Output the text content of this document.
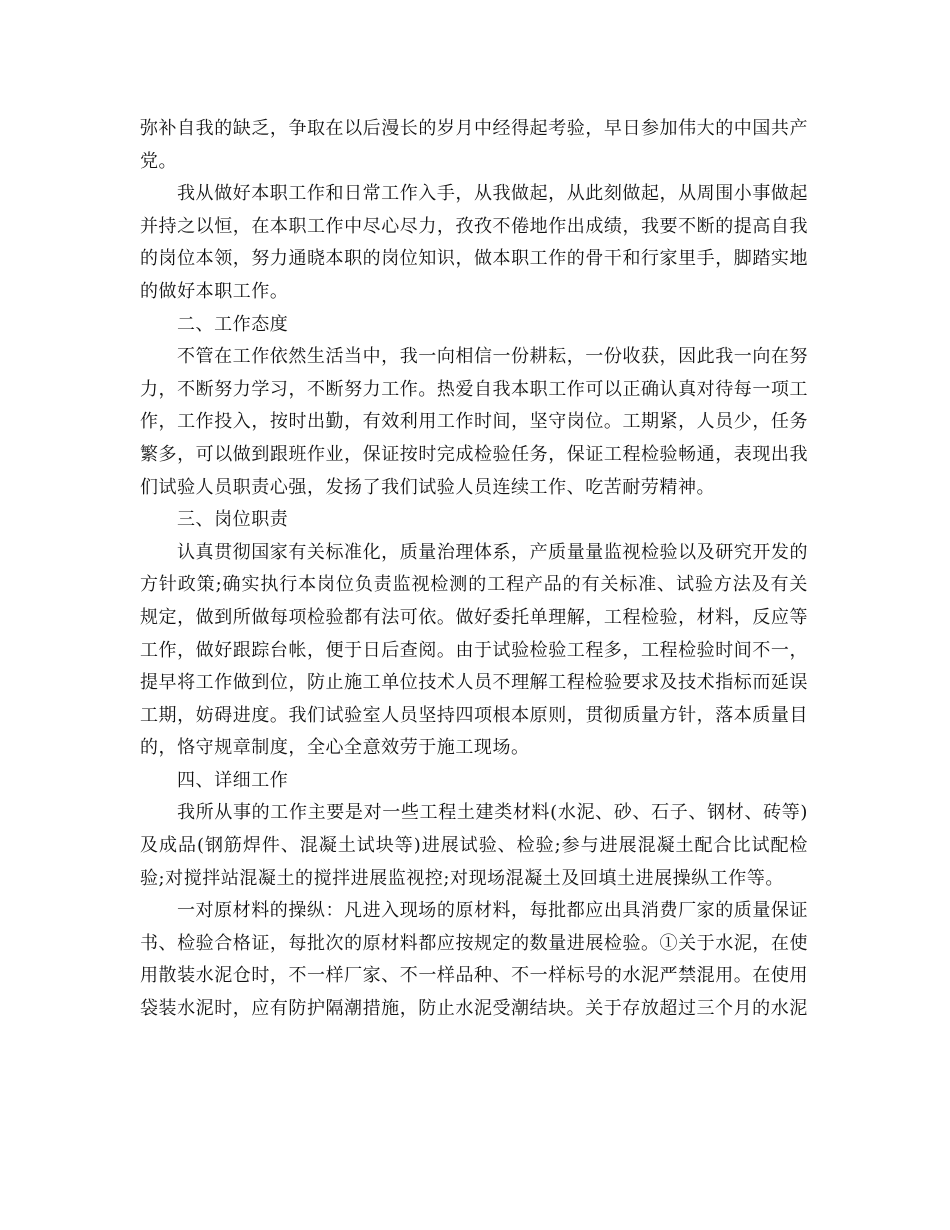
弥补自我的缺乏，争取在以后漫长的岁月中经得起考验，早日参加伟大的中国共产党。

我从做好本职工作和日常工作入手，从我做起，从此刻做起，从周围小事做起并持之以恒，在本职工作中尽心尽力，孜孜不倦地作出成绩，我要不断的提高自我的岗位本领，努力通晓本职的岗位知识，做本职工作的骨干和行家里手，脚踏实地的做好本职工作。

二、工作态度

不管在工作依然生活当中，我一向相信一份耕耘，一份收获，因此我一向在努力，不断努力学习，不断努力工作。热爱自我本职工作可以正确认真对待每一项工作，工作投入，按时出勤，有效利用工作时间，坚守岗位。工期紧，人员少，任务繁多，可以做到跟班作业，保证按时完成检验任务，保证工程检验畅通，表现出我们试验人员职责心强，发扬了我们试验人员连续工作、吃苦耐劳精神。

三、岗位职责

认真贯彻国家有关标准化，质量治理体系，产质量量监视检验以及研究开发的方针政策;确实执行本岗位负责监视检测的工程产品的有关标准、试验方法及有关规定，做到所做每项检验都有法可依。做好委托单理解，工程检验，材料，反应等工作，做好跟踪台帐，便于日后查阅。由于试验检验工程多，工程检验时间不一，提早将工作做到位，防止施工单位技术人员不理解工程检验要求及技术指标而延误工期，妨碍进度。我们试验室人员坚持四项根本原则，贯彻质量方针，落本质量目的，恪守规章制度，全心全意效劳于施工现场。

四、详细工作

我所从事的工作主要是对一些工程土建类材料(水泥、砂、石子、钢材、砖等)及成品(钢筋焊件、混凝土试块等)进展试验、检验;参与进展混凝土配合比试配检验;对搅拌站混凝土的搅拌进展监视控;对现场混凝土及回填土进展操纵工作等。

一对原材料的操纵：凡进入现场的原材料，每批都应出具消费厂家的质量保证书、检验合格证，每批次的原材料都应按规定的数量进展检验。①关于水泥，在使用散装水泥仓时，不一样厂家、不一样品种、不一样标号的水泥严禁混用。在使用袋装水泥时，应有防护隔潮措施，防止水泥受潮结块。关于存放超过三个月的水泥
